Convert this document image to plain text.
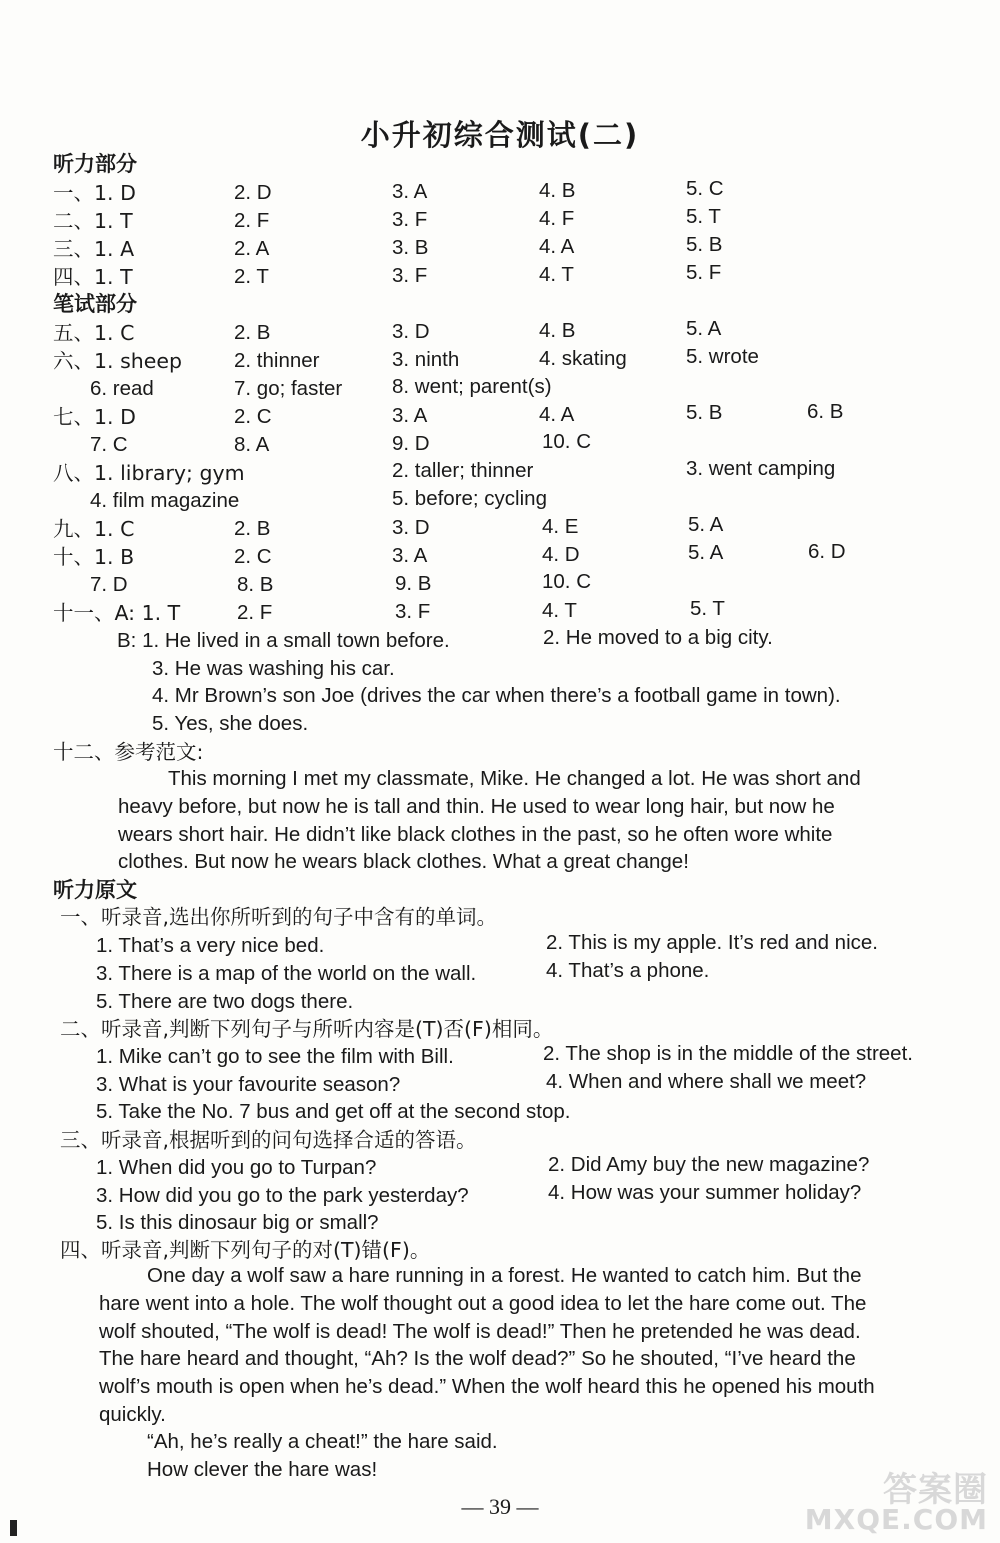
小升初综合测试(二)
听力部分
一、1. D	2. D	3. A	4. B	5. C
二、1. T	2. F	3. F	4. F	5. T
三、1. A	2. A	3. B	4. A	5. B
四、1. T	2. T	3. F	4. T	5. F
笔试部分
五、1. C	2. B	3. D	4. B	5. A
六、1. sheep	2. thinner	3. ninth	4. skating	5. wrote
6. read	7. go; faster 8. went; parent(s)
七、1. D	2. C	3. A	4. A	5. B	6. B
7. C	8. A	9. D	10. C
八、1. library; gym	2. taller; thinner	3. went camping
4. film magazine	5. before; cycling
九、1. C	2. B	3. D	4. E	5. A
十、1. B	2. C	3. A	4. D	5. A	6. D
7. D	8. B	9. B	10. C
十一、A: 1. T	2. F	3. F	4. T	5. T
B: 1. He lived in a small town before.	2. He moved to a big city.
3. He was washing his car.
4. Mr Brown’s son Joe (drives the car when there’s a football game in town).
5. Yes, she does.
十二、参考范文:
This morning I met my classmate, Mike. He changed a lot. He was short and
heavy before, but now he is tall and thin. He used to wear long hair, but now he
wears short hair. He didn’t like black clothes in the past, so he often wore white
clothes. But now he wears black clothes. What a great change!
听力原文
一、听录音,选出你所听到的句子中含有的单词。
1. That’s a very nice bed.	2. This is my apple. It’s red and nice.
3. There is a map of the world on the wall.	4. That’s a phone.
5. There are two dogs there.
二、听录音,判断下列句子与所听内容是(T)否(F)相同。
1. Mike can’t go to see the film with Bill.	2. The shop is in the middle of the street.
3. What is your favourite season?	4. When and where shall we meet?
5. Take the No. 7 bus and get off at the second stop.
三、听录音,根据听到的问句选择合适的答语。
1. When did you go to Turpan?	2. Did Amy buy the new magazine?
3. How did you go to the park yesterday?	4. How was your summer holiday?
5. Is this dinosaur big or small?
四、听录音,判断下列句子的对(T)错(F)。
One day a wolf saw a hare running in a forest. He wanted to catch him. But the
hare went into a hole. The wolf thought out a good idea to let the hare come out. The
wolf shouted, “The wolf is dead! The wolf is dead!” Then he pretended he was dead.
The hare heard and thought, “Ah? Is the wolf dead?” So he shouted, “I’ve heard the
wolf’s mouth is open when he’s dead.” When the wolf heard this he opened his mouth
quickly.
“Ah, he’s really a cheat!” the hare said.
How clever the hare was!
— 39 —	答案圈
MXQE.COM
